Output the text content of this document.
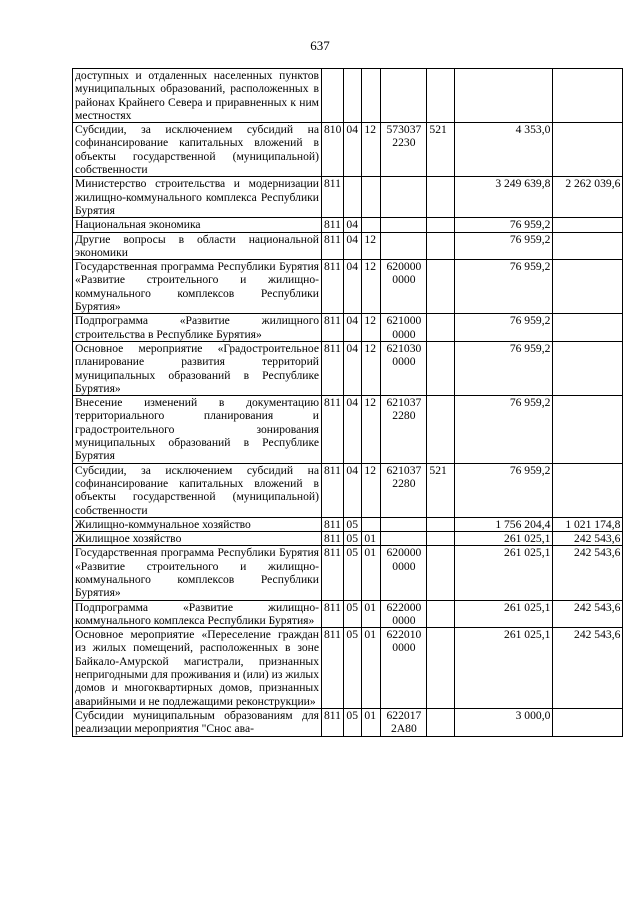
637
доступных и отдаленных населенных пунктов муниципальных образований, расположенных в районах Крайнего Севера и приравненных к ним местностях							
Субсидии, за исключением субсидий на софинансирование капитальных вложений в объекты государственной (муниципальной) собственности	810	04	12	573037 2230	521	4 353,0	
Министерство строительства и модернизации жилищно-коммунального комплекса Республики Бурятия	811					3 249 639,8	2 262 039,6
Национальная экономика	811	04				76 959,2	
Другие вопросы в области национальной экономики	811	04	12			76 959,2	
Государственная программа Республики Бурятия «Развитие строительного и жилищно-коммунального комплексов Республики Бурятия»	811	04	12	620000 0000		76 959,2	
Подпрограмма «Развитие жилищного строительства в Республике Бурятия»	811	04	12	621000 0000		76 959,2	
Основное мероприятие «Градостроительное планирование развития территорий муниципальных образований в Республике Бурятия»	811	04	12	621030 0000		76 959,2	
Внесение изменений в документацию территориального планирования и градостроительного зонирования муниципальных образований в Республике Бурятия	811	04	12	621037 2280		76 959,2	
Субсидии, за исключением субсидий на софинансирование капитальных вложений в объекты государственной (муниципальной) собственности	811	04	12	621037 2280	521	76 959,2	
Жилищно-коммунальное хозяйство	811	05				1 756 204,4	1 021 174,8
Жилищное хозяйство	811	05	01			261 025,1	242 543,6
Государственная программа Республики Бурятия «Развитие строительного и жилищно-коммунального комплексов Республики Бурятия»	811	05	01	620000 0000		261 025,1	242 543,6
Подпрограмма «Развитие жилищно-коммунального комплекса Республики Бурятия»	811	05	01	622000 0000		261 025,1	242 543,6
Основное мероприятие «Переселение граждан из жилых помещений, расположенных в зоне Байкало-Амурской магистрали, признанных непригодными для проживания и (или) из жилых домов и многоквартирных домов, признанных аварийными и не подлежащими реконструкции»	811	05	01	622010 0000		261 025,1	242 543,6
Субсидии муниципальным образованиям для реализации мероприятия "Снос ава-	811	05	01	622017 2А80		3 000,0	
